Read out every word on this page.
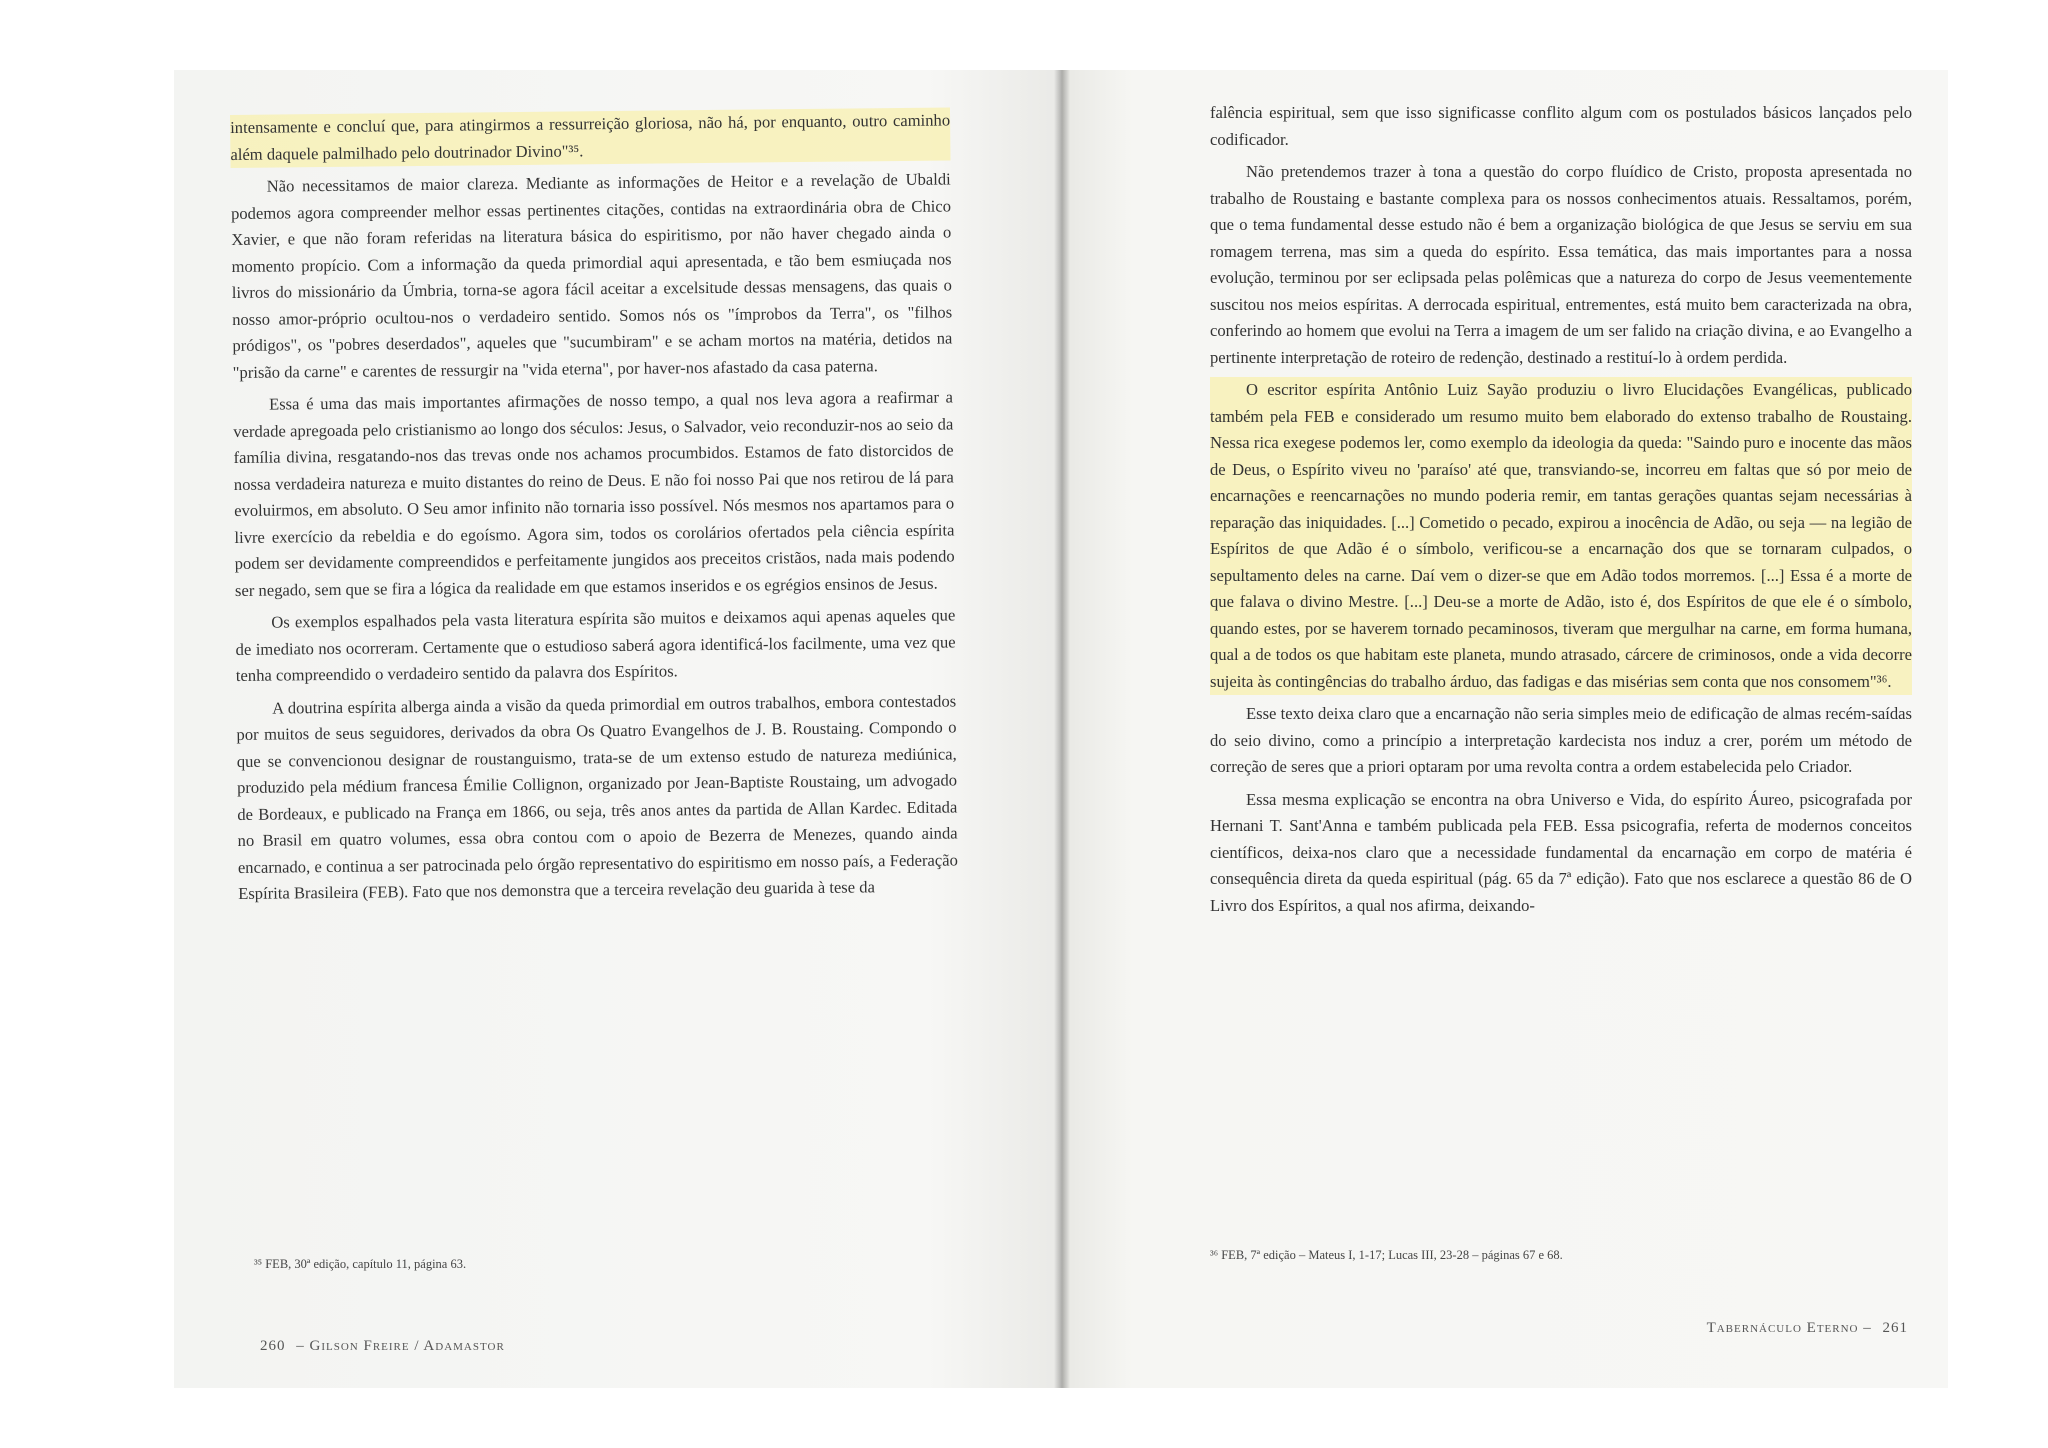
intensamente e concluí que, para atingirmos a ressurreição gloriosa, não há, por enquanto, outro caminho além daquele palmilhado pelo doutrinador Divino"³⁵.

Não necessitamos de maior clareza. Mediante as informações de Heitor e a revelação de Ubaldi podemos agora compreender melhor essas pertinentes citações, contidas na extraordinária obra de Chico Xavier, e que não foram referidas na literatura básica do espiritismo, por não haver chegado ainda o momento propício. Com a informação da queda primordial aqui apresentada, e tão bem esmiuçada nos livros do missionário da Úmbria, torna-se agora fácil aceitar a excelsitude dessas mensagens, das quais o nosso amor-próprio ocultou-nos o verdadeiro sentido. Somos nós os "ímprobos da Terra", os "filhos pródigos", os "pobres deserdados", aqueles que "sucumbiram" e se acham mortos na matéria, detidos na "prisão da carne" e carentes de ressurgir na "vida eterna", por haver-nos afastado da casa paterna.

Essa é uma das mais importantes afirmações de nosso tempo, a qual nos leva agora a reafirmar a verdade apregoada pelo cristianismo ao longo dos séculos: Jesus, o Salvador, veio reconduzir-nos ao seio da família divina, resgatando-nos das trevas onde nos achamos procumbidos. Estamos de fato distorcidos de nossa verdadeira natureza e muito distantes do reino de Deus. E não foi nosso Pai que nos retirou de lá para evoluirmos, em absoluto. O Seu amor infinito não tornaria isso possível. Nós mesmos nos apartamos para o livre exercício da rebeldia e do egoísmo. Agora sim, todos os corolários ofertados pela ciência espírita podem ser devidamente compreendidos e perfeitamente jungidos aos preceitos cristãos, nada mais podendo ser negado, sem que se fira a lógica da realidade em que estamos inseridos e os egrégios ensinos de Jesus.

Os exemplos espalhados pela vasta literatura espírita são muitos e deixamos aqui apenas aqueles que de imediato nos ocorreram. Certamente que o estudioso saberá agora identificá-los facilmente, uma vez que tenha compreendido o verdadeiro sentido da palavra dos Espíritos.

A doutrina espírita alberga ainda a visão da queda primordial em outros trabalhos, embora contestados por muitos de seus seguidores, derivados da obra Os Quatro Evangelhos de J. B. Roustaing. Compondo o que se convencionou designar de roustanguismo, trata-se de um extenso estudo de natureza mediúnica, produzido pela médium francesa Émilie Collignon, organizado por Jean-Baptiste Roustaing, um advogado de Bordeaux, e publicado na França em 1866, ou seja, três anos antes da partida de Allan Kardec. Editada no Brasil em quatro volumes, essa obra contou com o apoio de Bezerra de Menezes, quando ainda encarnado, e continua a ser patrocinada pelo órgão representativo do espiritismo em nosso país, a Federação Espírita Brasileira (FEB). Fato que nos demonstra que a terceira revelação deu guarida à tese da

³⁵ FEB, 30ª edição, capítulo 11, página 63.
260 – Gilson Freire / Adamastor

falência espiritual, sem que isso significasse conflito algum com os postulados básicos lançados pelo codificador.

Não pretendemos trazer à tona a questão do corpo fluídico de Cristo, proposta apresentada no trabalho de Roustaing e bastante complexa para os nossos conhecimentos atuais. Ressaltamos, porém, que o tema fundamental desse estudo não é bem a organização biológica de que Jesus se serviu em sua romagem terrena, mas sim a queda do espírito. Essa temática, das mais importantes para a nossa evolução, terminou por ser eclipsada pelas polêmicas que a natureza do corpo de Jesus veementemente suscitou nos meios espíritas. A derrocada espiritual, entrementes, está muito bem caracterizada na obra, conferindo ao homem que evolui na Terra a imagem de um ser falido na criação divina, e ao Evangelho a pertinente interpretação de roteiro de redenção, destinado a restituí-lo à ordem perdida.

O escritor espírita Antônio Luiz Sayão produziu o livro Elucidações Evangélicas, publicado também pela FEB e considerado um resumo muito bem elaborado do extenso trabalho de Roustaing. Nessa rica exegese podemos ler, como exemplo da ideologia da queda: "Saindo puro e inocente das mãos de Deus, o Espírito viveu no 'paraíso' até que, transviando-se, incorreu em faltas que só por meio de encarnações e reencarnações no mundo poderia remir, em tantas gerações quantas sejam necessárias à reparação das iniquidades. [...] Cometido o pecado, expirou a inocência de Adão, ou seja — na legião de Espíritos de que Adão é o símbolo, verificou-se a encarnação dos que se tornaram culpados, o sepultamento deles na carne. Daí vem o dizer-se que em Adão todos morremos. [...] Essa é a morte de que falava o divino Mestre. [...] Deu-se a morte de Adão, isto é, dos Espíritos de que ele é o símbolo, quando estes, por se haverem tornado pecaminosos, tiveram que mergulhar na carne, em forma humana, qual a de todos os que habitam este planeta, mundo atrasado, cárcere de criminosos, onde a vida decorre sujeita às contingências do trabalho árduo, das fadigas e das misérias sem conta que nos consomem"³⁶.

Esse texto deixa claro que a encarnação não seria simples meio de edificação de almas recém-saídas do seio divino, como a princípio a interpretação kardecista nos induz a crer, porém um método de correção de seres que a priori optaram por uma revolta contra a ordem estabelecida pelo Criador.

Essa mesma explicação se encontra na obra Universo e Vida, do espírito Áureo, psicografada por Hernani T. Sant'Anna e também publicada pela FEB. Essa psicografia, referta de modernos conceitos científicos, deixa-nos claro que a necessidade fundamental da encarnação em corpo de matéria é consequência direta da queda espiritual (pág. 65 da 7ª edição). Fato que nos esclarece a questão 86 de O Livro dos Espíritos, a qual nos afirma, deixando-

³⁶ FEB, 7ª edição – Mateus I, 1-17; Lucas III, 23-28 – páginas 67 e 68.
Tabernáculo Eterno – 261
